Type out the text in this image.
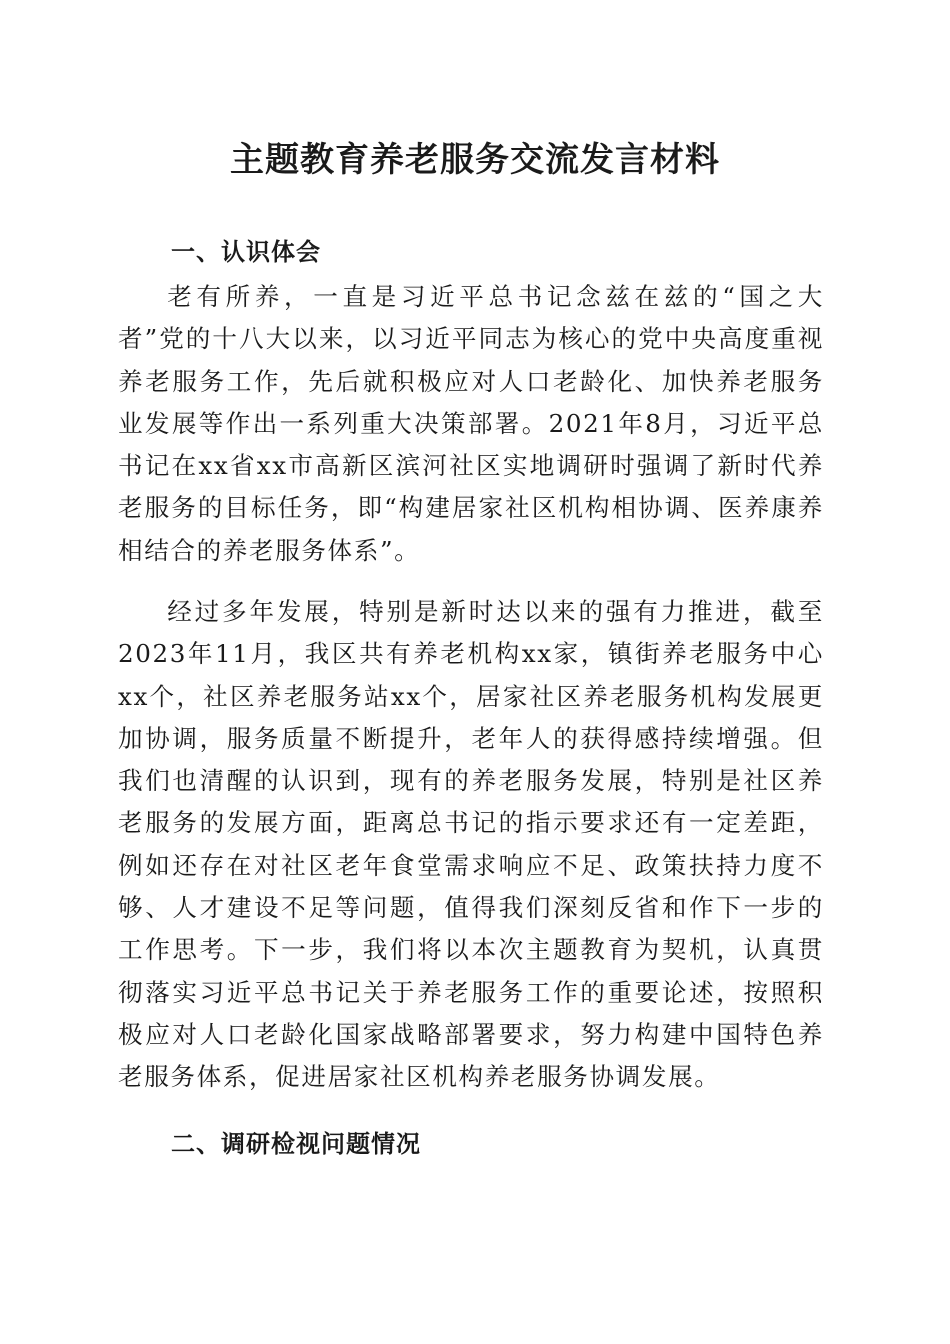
主题教育养老服务交流发言材料
一、认识体会

老有所养，一直是习近平总书记念兹在兹的“国之大者”党的十八大以来，以习近平同志为核心的党中央高度重视养老服务工作，先后就积极应对人口老龄化、加快养老服务业发展等作出一系列重大决策部署。2021年8月，习近平总书记在xx省xx市高新区滨河社区实地调研时强调了新时代养老服务的目标任务，即“构建居家社区机构相协调、医养康养相结合的养老服务体系”。

经过多年发展，特别是新时达以来的强有力推进，截至2023年11月，我区共有养老机构xx家，镇街养老服务中心xx个，社区养老服务站xx个，居家社区养老服务机构发展更加协调，服务质量不断提升，老年人的获得感持续增强。但我们也清醒的认识到，现有的养老服务发展，特别是社区养老服务的发展方面，距离总书记的指示要求还有一定差距，例如还存在对社区老年食堂需求响应不足、政策扶持力度不够、人才建设不足等问题，值得我们深刻反省和作下一步的工作思考。下一步，我们将以本次主题教育为契机，认真贯彻落实习近平总书记关于养老服务工作的重要论述，按照积极应对人口老龄化国家战略部署要求，努力构建中国特色养老服务体系，促进居家社区机构养老服务协调发展。

二、调研检视问题情况
